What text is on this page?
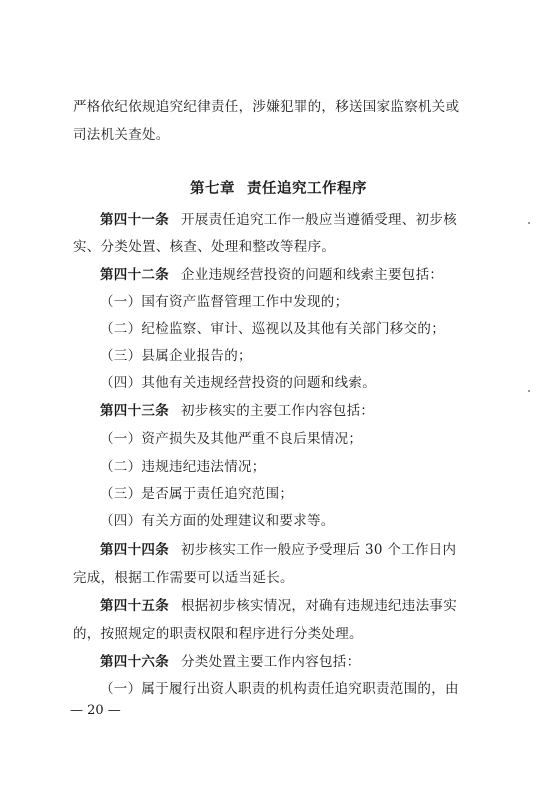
严格依纪依规追究纪律责任，涉嫌犯罪的，移送国家监察机关或
司法机关查处。
第七章 责任追究工作程序
第四十一条 开展责任追究工作一般应当遵循受理、初步核
实、分类处置、核查、处理和整改等程序。
第四十二条 企业违规经营投资的问题和线索主要包括：
（一）国有资产监督管理工作中发现的；
（二）纪检监察、审计、巡视以及其他有关部门移交的；
（三）县属企业报告的；
（四）其他有关违规经营投资的问题和线索。
第四十三条 初步核实的主要工作内容包括：
（一）资产损失及其他严重不良后果情况；
（二）违规违纪违法情况；
（三）是否属于责任追究范围；
（四）有关方面的处理建议和要求等。
第四十四条 初步核实工作一般应予受理后 30 个工作日内
完成，根据工作需要可以适当延长。
第四十五条 根据初步核实情况，对确有违规违纪违法事实
的，按照规定的职责权限和程序进行分类处理。
第四十六条 分类处置主要工作内容包括：
（一）属于履行出资人职责的机构责任追究职责范围的，由
— 20 —
